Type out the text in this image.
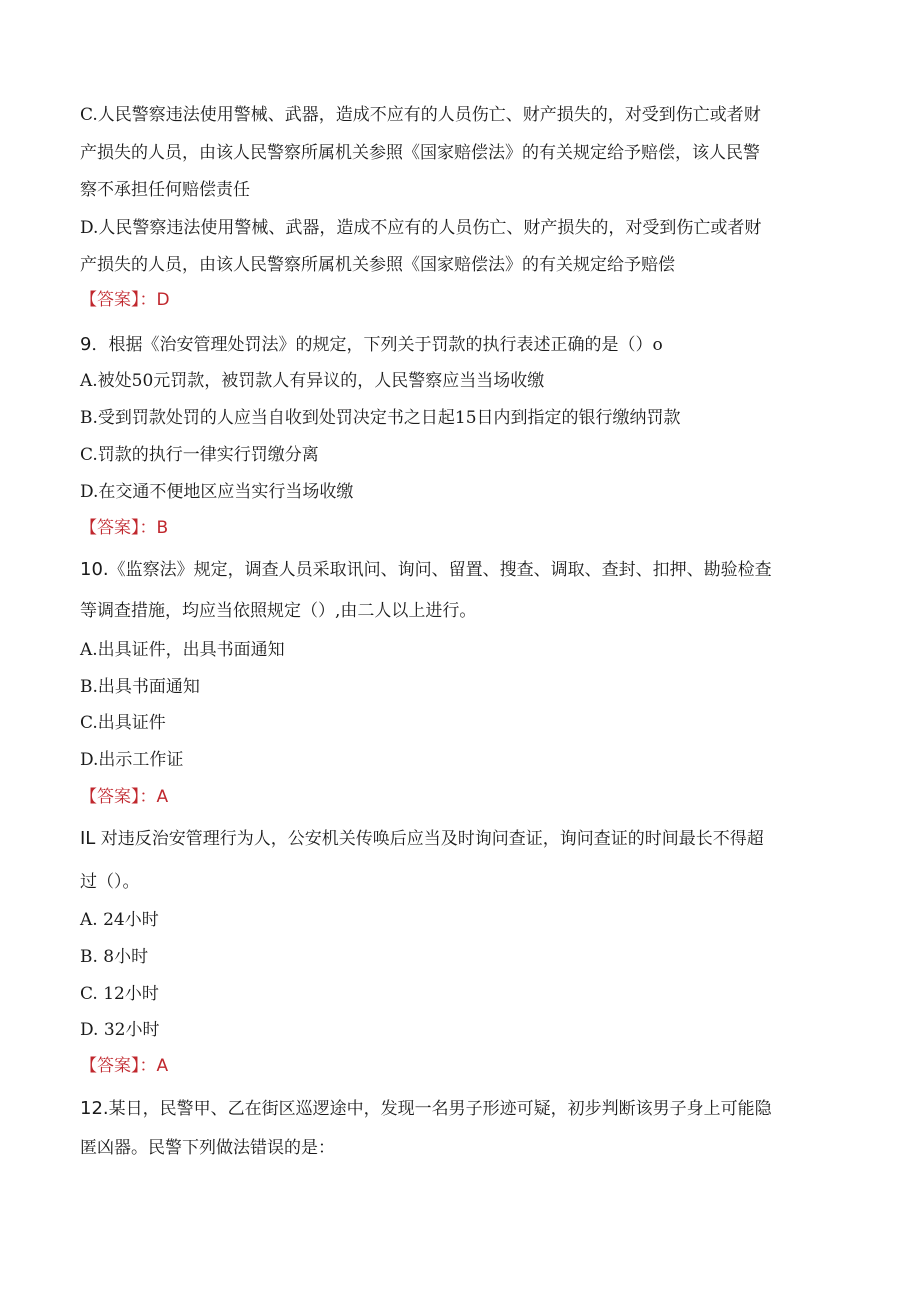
C.人民警察违法使用警械、武器，造成不应有的人员伤亡、财产损失的，对受到伤亡或者财
产损失的人员，由该人民警察所属机关参照《国家赔偿法》的有关规定给予赔偿，该人民警
察不承担任何赔偿责任
D.人民警察违法使用警械、武器，造成不应有的人员伤亡、财产损失的，对受到伤亡或者财
产损失的人员，由该人民警察所属机关参照《国家赔偿法》的有关规定给予赔偿
【答案】：D
9．根据《治安管理处罚法》的规定，下列关于罚款的执行表述正确的是（）o
A.被处50元罚款，被罚款人有异议的，人民警察应当当场收缴
B.受到罚款处罚的人应当自收到处罚决定书之日起15日内到指定的银行缴纳罚款
C.罚款的执行一律实行罚缴分离
D.在交通不便地区应当实行当场收缴
【答案】：B
10.《监察法》规定，调查人员采取讯问、询问、留置、搜查、调取、查封、扣押、勘验检查
等调查措施，均应当依照规定（）,由二人以上进行。
A.出具证件，出具书面通知
B.出具书面通知
C.出具证件
D.出示工作证
【答案】：A
IL 对违反治安管理行为人，公安机关传唤后应当及时询问查证，询问查证的时间最长不得超
过（）。
A. 24小时
B. 8小时
C. 12小时
D. 32小时
【答案】：A
12.某日，民警甲、乙在街区巡逻途中，发现一名男子形迹可疑，初步判断该男子身上可能隐
匿凶器。民警下列做法错误的是：
